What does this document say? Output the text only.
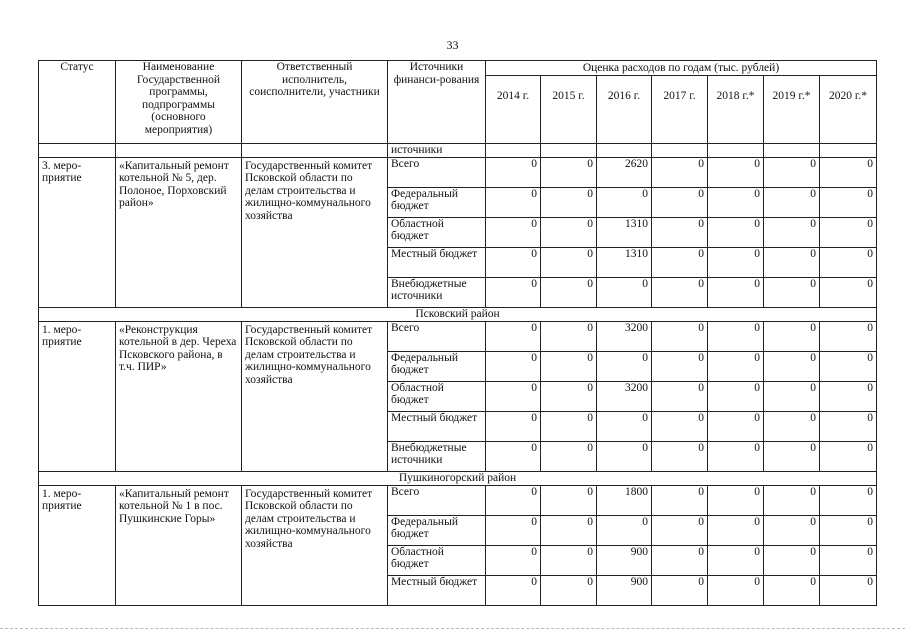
33
Статус	Наименование Государственной программы, подпрограммы (основного мероприятия)	Ответственный исполнитель, соисполнители, участники	Источники финанси-рования	Оценка расходов по годам (тыс. рублей)						
				2014 г.	2015 г.	2016 г.	2017 г.	2018 г.*	2019 г.*	2020 г.*
			источники							
3. меро-приятие	«Капитальный ремонт котельной № 5, дер. Полоное, Порховский район»	Государственный комитет Псковской области по делам строительства и жилищно-коммунального хозяйства	Всего	0	0	2620	0	0	0	0
			Федеральный бюджет	0	0	0	0	0	0	0
			Областной бюджет	0	0	1310	0	0	0	0
			Местный бюджет	0	0	1310	0	0	0	0
			Внебюджетные источники	0	0	0	0	0	0	0
Псковский район										
1. меро-приятие	«Реконструкция котельной в дер. Череха Псковского района, в т.ч. ПИР»	Государственный комитет Псковской области по делам строительства и жилищно-коммунального хозяйства	Всего	0	0	3200	0	0	0	0
			Федеральный бюджет	0	0	0	0	0	0	0
			Областной бюджет	0	0	3200	0	0	0	0
			Местный бюджет	0	0	0	0	0	0	0
			Внебюджетные источники	0	0	0	0	0	0	0
Пушкиногорский район										
1. меро-приятие	«Капитальный ремонт котельной № 1 в пос. Пушкинские Горы»	Государственный комитет Псковской области по делам строительства и жилищно-коммунального хозяйства	Всего	0	0	1800	0	0	0	0
			Федеральный бюджет	0	0	0	0	0	0	0
			Областной бюджет	0	0	900	0	0	0	0
			Местный бюджет	0	0	900	0	0	0	0
